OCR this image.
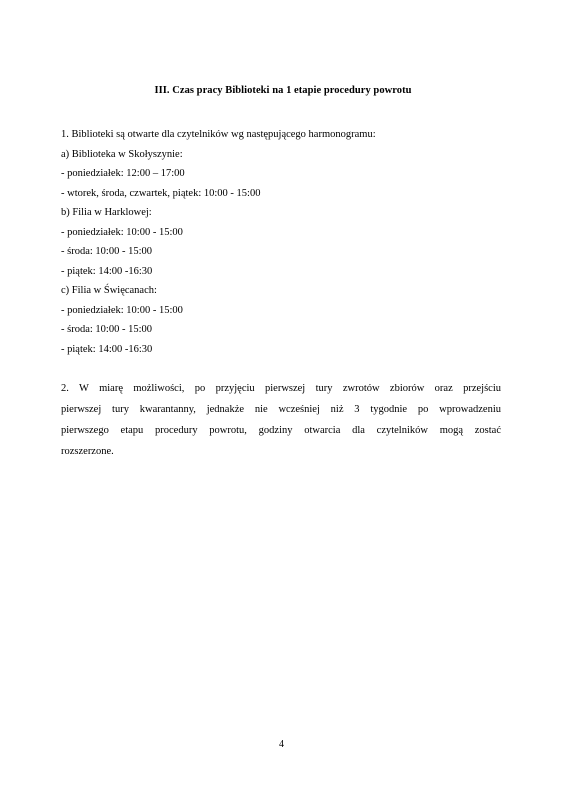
III. Czas pracy Biblioteki na 1 etapie procedury powrotu
1. Biblioteki są otwarte dla czytelników wg następującego harmonogramu:
a) Biblioteka w Skołyszynie:
- poniedziałek: 12:00 – 17:00
- wtorek, środa, czwartek, piątek: 10:00 - 15:00
b) Filia w Harklowej:
- poniedziałek: 10:00 - 15:00
- środa: 10:00 - 15:00
- piątek: 14:00 -16:30
c) Filia w Święcanach:
- poniedziałek: 10:00 - 15:00
- środa: 10:00 - 15:00
- piątek: 14:00 -16:30
2. W miarę możliwości, po przyjęciu pierwszej tury zwrotów zbiorów oraz przejściu
pierwszej tury kwarantanny, jednakże nie wcześniej niż 3 tygodnie po wprowadzeniu
pierwszego etapu procedury powrotu, godziny otwarcia dla czytelników mogą zostać
rozszerzone.
4
